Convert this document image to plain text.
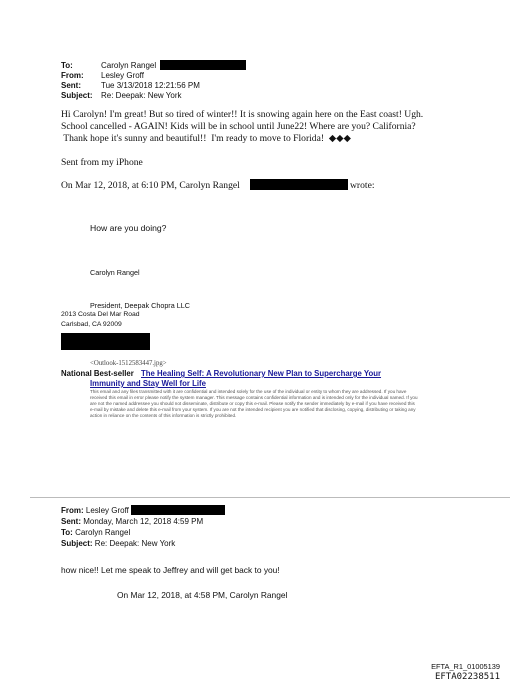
To:	Carolyn Rangel
From: Lesley Groff
Sent:	Tue 3/13/2018 12:21:56 PM
Subject: Re: Deepak: New York
Hi Carolyn! I'm great! But so tired of winter!! It is snowing again here on the East coast! Ugh.
School cancelled - AGAIN! Kids will be in school until June22! Where are you? California?
Thank hope it's sunny and beautiful!!  I'm ready to move to Florida!  ◆◆◆
Sent from my iPhone
On Mar 12, 2018, at 6:10 PM, Carolyn Rangel	wrote:
How are you doing?
Carolyn Rangel
President, Deepak Chopra LLC
2013 Costa Del Mar Road
Carlsbad, CA 92009
<Outlook-1512583447.jpg>
National Best-seller The Healing Self: A Revolutionary New Plan to Supercharge Your
Immunity and Stay Well for Life
This email and any files transmitted with it are confidential and intended solely for the use of the individual or entity to whom they are addressed. If you have received this email in error please notify the system manager. This message contains confidential information and is intended only for the individual named. If you are not the named addressee you should not disseminate, distribute or copy this e-mail. Please notify the sender immediately by e-mail if you have received this e-mail by mistake and delete this e-mail from your system. If you are not the intended recipient you are notified that disclosing, copying, distributing or taking any action in reliance on the contents of this information is strictly prohibited.
From: Lesley Groff
Sent: Monday, March 12, 2018 4:59 PM
To: Carolyn Rangel
Subject: Re: Deepak: New York
how nice!! Let me speak to Jeffrey and will get back to you!
On Mar 12, 2018, at 4:58 PM, Carolyn Rangel
EFTA_R1_01005139
EFTA02238511
